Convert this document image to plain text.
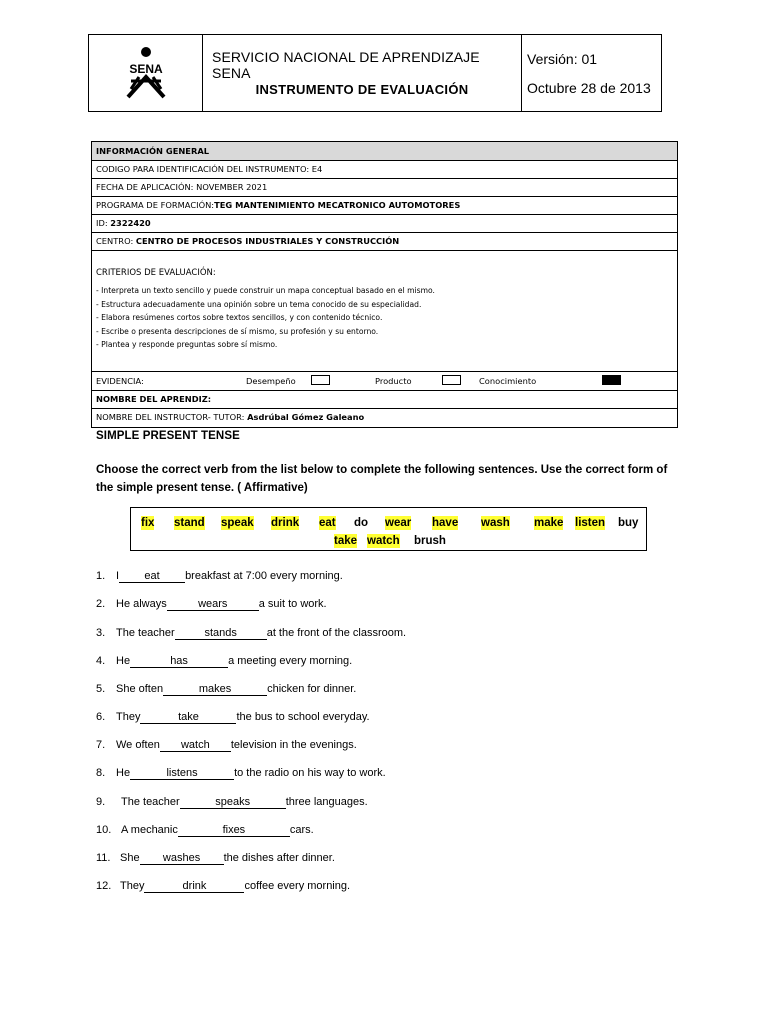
SENA
SERVICIO NACIONAL DE APRENDIZAJE SENA
INSTRUMENTO DE EVALUACIÓN
Versión: 01
Octubre 28 de 2013
INFORMACIÓN GENERAL
CODIGO PARA IDENTIFICACIÓN DEL INSTRUMENTO: E4
FECHA DE APLICACIÓN: NOVEMBER 2021
PROGRAMA DE FORMACIÓN:TEG MANTENIMIENTO MECATRONICO AUTOMOTORES
ID: 2322420
CENTRO: CENTRO DE PROCESOS INDUSTRIALES Y CONSTRUCCIÓN
CRITERIOS DE EVALUACIÓN:
- Interpreta un texto sencillo y puede construir un mapa conceptual basado en el mismo.
- Estructura adecuadamente una opinión sobre un tema conocido de su especialidad.
- Elabora resúmenes cortos sobre textos sencillos, y con contenido técnico.
- Escribe o presenta descripciones de sí mismo, su profesión y su entorno.
- Plantea y responde preguntas sobre sí mismo.
EVIDENCIA:	Desempeño	Producto	Conocimiento
NOMBRE DEL APRENDIZ:
NOMBRE DEL INSTRUCTOR- TUTOR: Asdrúbal Gómez Galeano
SIMPLE PRESENT TENSE
Choose the correct verb from the list below to complete the following sentences. Use the correct form of the simple present tense. ( Affirmative)
fix stand speak drink eat do wear have wash make listen buy
take watch brush
1. I eat breakfast at 7:00 every morning.
2. He always	wears	a suit to work.
3. The teacher	stands	at the front of the classroom.
4. He	has	a meeting every morning.
5. She often	makes	chicken for dinner.
6. They	take	the bus to school everyday.
7. We often watch television in the evenings.
8. He	listens	to the radio on his way to work.
9. The teacher	speaks	three languages.
10. A mechanic	fixes	cars.
11. She washes the dishes after dinner.
12. They	drink	coffee every morning.
